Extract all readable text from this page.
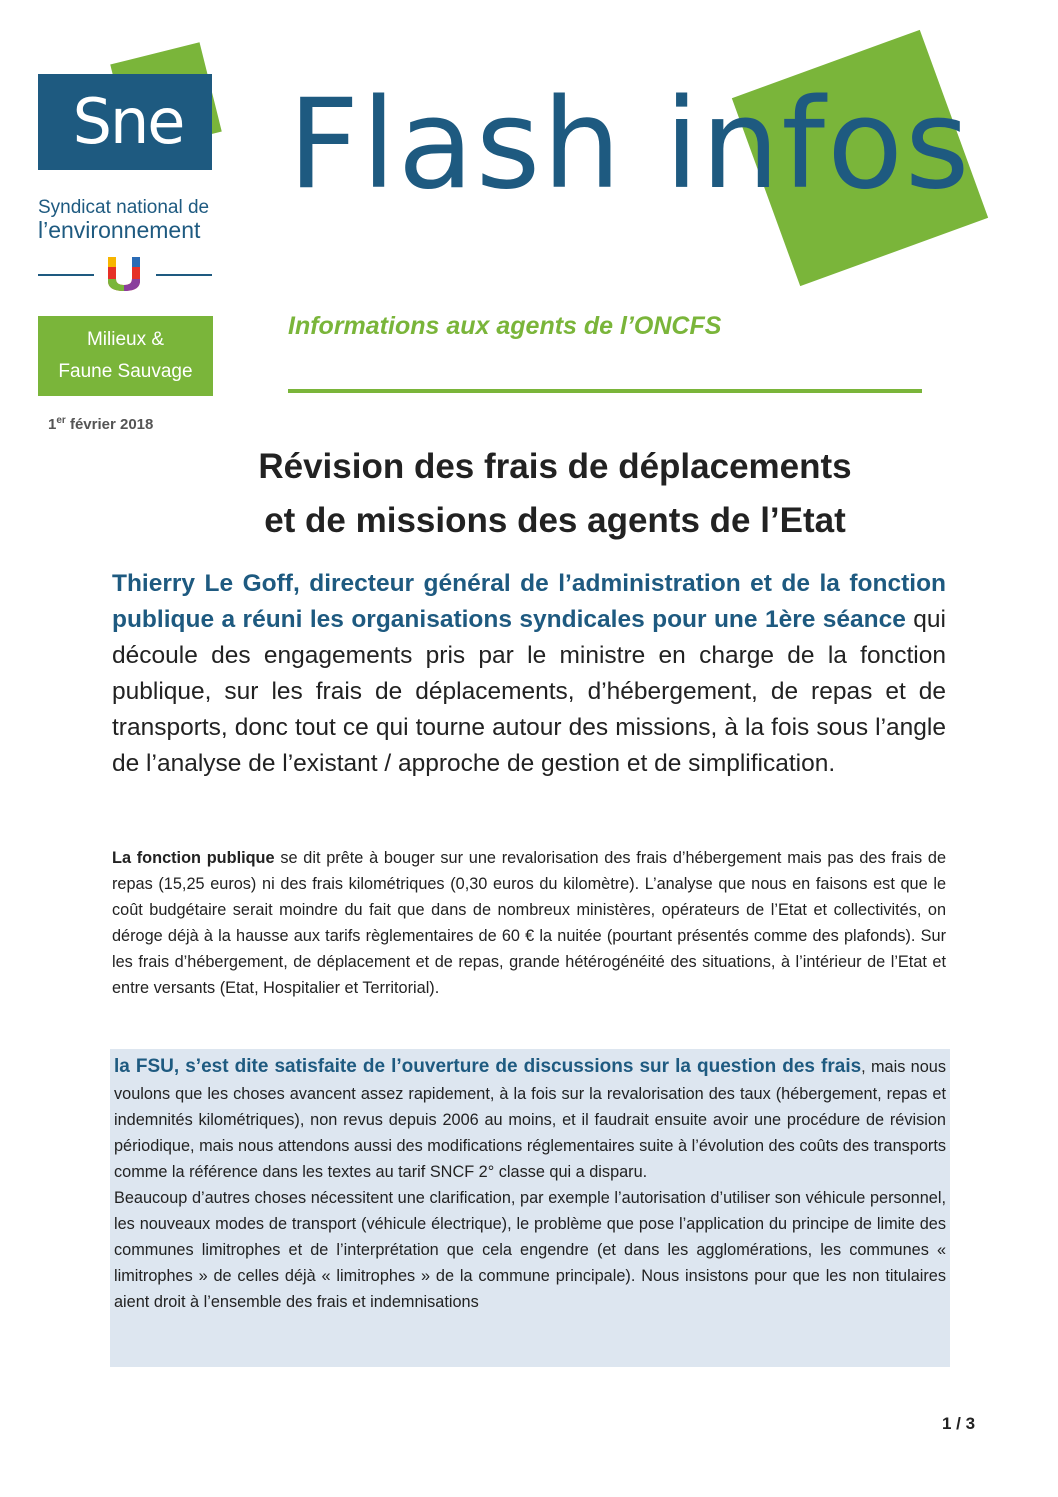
Sne
Syndicat national de
l’environnement
Milieux &
Faune Sauvage
1er février 2018
Flash infos
Informations aux agents de l’ONCFS
Révision des frais de déplacements
et de missions des agents de l’Etat
Thierry Le Goff, directeur général de l’administration et de la fonction publique a réuni les organisations syndicales pour une 1ère séance qui découle des engagements pris par le ministre en charge de la fonction publique, sur les frais de déplacements, d’hébergement, de repas et de transports, donc tout ce qui tourne autour des missions, à la fois sous l’angle de l’analyse de l’existant / approche de gestion et de simplification.
La fonction publique se dit prête à bouger sur une revalorisation des frais d’hébergement mais pas des frais de repas (15,25 euros) ni des frais kilométriques (0,30 euros du kilomètre). L’analyse que nous en faisons est que le coût budgétaire serait moindre du fait que dans de nombreux ministères, opérateurs de l’Etat et collectivités, on déroge déjà à la hausse aux tarifs règlementaires de 60 € la nuitée (pourtant présentés comme des plafonds). Sur les frais d’hébergement, de déplacement et de repas, grande hétérogénéité des situations, à l’intérieur de l’Etat et entre versants (Etat, Hospitalier et Territorial).

la FSU, s’est dite satisfaite de l’ouverture de discussions sur la question des frais, mais nous voulons que les choses avancent assez rapidement, à la fois sur la revalorisation des taux (hébergement, repas et indemnités kilométriques), non revus depuis 2006 au moins, et il faudrait ensuite avoir une procédure de révision périodique, mais nous attendons aussi des modifications réglementaires suite à l’évolution des coûts des transports comme la référence dans les textes au tarif SNCF 2° classe qui a disparu.

Beaucoup d’autres choses nécessitent une clarification, par exemple l’autorisation d’utiliser son véhicule personnel, les nouveaux modes de transport (véhicule électrique), le problème que pose l’application du principe de limite des communes limitrophes et de l’interprétation que cela engendre (et dans les agglomérations, les communes « limitrophes » de celles déjà « limitrophes » de la commune principale). Nous insistons pour que les non titulaires aient droit à l’ensemble des frais et indemnisations

1 / 3
